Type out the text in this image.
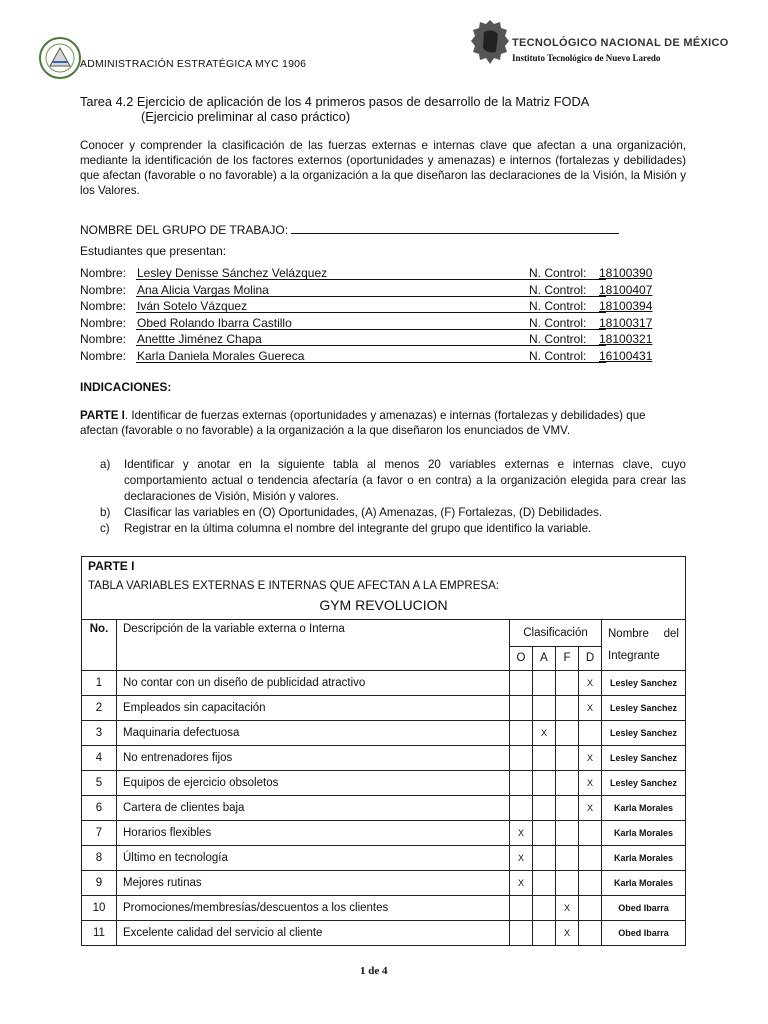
ADMINISTRACIÓN ESTRATÉGICA MYC 1906
TECNOLÓGICO NACIONAL DE MÉXICO
Instituto Tecnológico de Nuevo Laredo
Tarea 4.2 Ejercicio de aplicación de los 4 primeros pasos de desarrollo de la Matriz FODA
(Ejercicio preliminar al caso práctico)
Conocer y comprender la clasificación de las fuerzas externas e internas clave que afectan a una organización, mediante la identificación de los factores externos (oportunidades y amenazas) e internos (fortalezas y debilidades) que afectan (favorable o no favorable) a la organización a la que diseñaron las declaraciones de la Visión, la Misión y los Valores.
NOMBRE DEL GRUPO DE TRABAJO:
Estudiantes que presentan:
Nombre: Lesley Denisse Sánchez Velázquez	N. Control: 18100390
Nombre: Ana Alicia Vargas Molina	N. Control: 18100407
Nombre: Iván Sotelo Vázquez	N. Control: 18100394
Nombre: Obed Rolando Ibarra Castillo	N. Control: 18100317
Nombre: Anettte Jiménez Chapa	N. Control: 18100321
Nombre: Karla Daniela Morales Guereca	N. Control: 16100431
INDICACIONES:
PARTE I. Identificar de fuerzas externas (oportunidades y amenazas) e internas (fortalezas y debilidades) que afectan (favorable o no favorable) a la organización a la que diseñaron los enunciados de VMV.
a) Identificar y anotar en la siguiente tabla al menos 20 variables externas e internas clave, cuyo comportamiento actual o tendencia afectaría (a favor o en contra) a la organización elegida para crear las declaraciones de Visión, Misión y valores.
b) Clasificar las variables en (O) Oportunidades, (A) Amenazas, (F) Fortalezas, (D) Debilidades.
c) Registrar en la última columna el nombre del integrante del grupo que identifico la variable.
PARTE I
TABLA VARIABLES EXTERNAS E INTERNAS QUE AFECTAN A LA EMPRESA:
GYM REVOLUCION						

No.	Descripción de la variable externa o Interna	Clasificación				Nombre del
Integrante

		O	A	F	D	
1	No contar con un diseño de publicidad atractivo				X	Lesley Sanchez
2	Empleados sin capacitación				X	Lesley Sanchez
3	Maquinaria defectuosa		X			Lesley Sanchez
4	No entrenadores fijos				X	Lesley Sanchez
5	Equipos de ejercicio obsoletos				X	Lesley Sanchez
6	Cartera de clientes baja				X	Karla Morales
7	Horarios flexibles	X				Karla Morales
8	Último en tecnología	X				Karla Morales
9	Mejores rutinas	X				Karla Morales
10	Promociones/membresías/descuentos a los clientes			X		Obed Ibarra
11	Excelente calidad del servicio al cliente			X		Obed Ibarra
1 de 4
